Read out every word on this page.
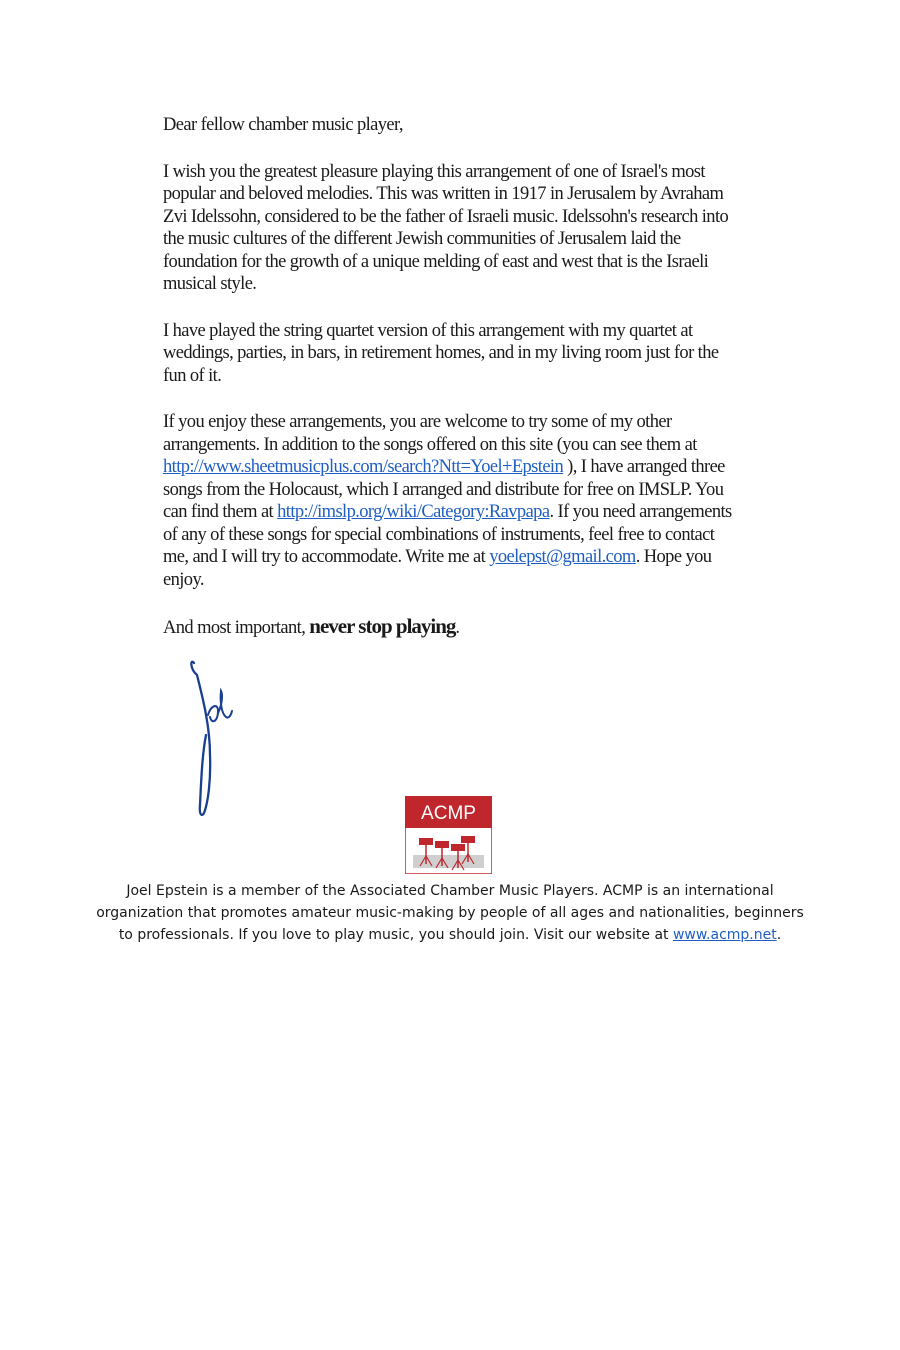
Dear fellow chamber music player,

I wish you the greatest pleasure playing this arrangement of one of Israel's most popular and beloved melodies. This was written in 1917 in Jerusalem by Avraham Zvi Idelssohn, considered to be the father of Israeli music. Idelssohn's research into the music cultures of the different Jewish communities of Jerusalem laid the foundation for the growth of a unique melding of east and west that is the Israeli musical style.

I have played the string quartet version of this arrangement with my quartet at weddings, parties, in bars, in retirement homes, and in my living room just for the fun of it.

If you enjoy these arrangements, you are welcome to try some of my other arrangements. In addition to the songs offered on this site (you can see them at http://www.sheetmusicplus.com/search?Ntt=Yoel+Epstein ), I have arranged three songs from the Holocaust, which I arranged and distribute for free on IMSLP. You can find them at http://imslp.org/wiki/Category:Ravpapa. If you need arrangements of any of these songs for special combinations of instruments, feel free to contact me, and I will try to accommodate. Write me at yoelepst@gmail.com. Hope you enjoy.

And most important, never stop playing.

ACMP
Joel Epstein is a member of the Associated Chamber Music Players. ACMP is an international organization that promotes amateur music-making by people of all ages and nationalities, beginners to professionals. If you love to play music, you should join. Visit our website at www.acmp.net.
